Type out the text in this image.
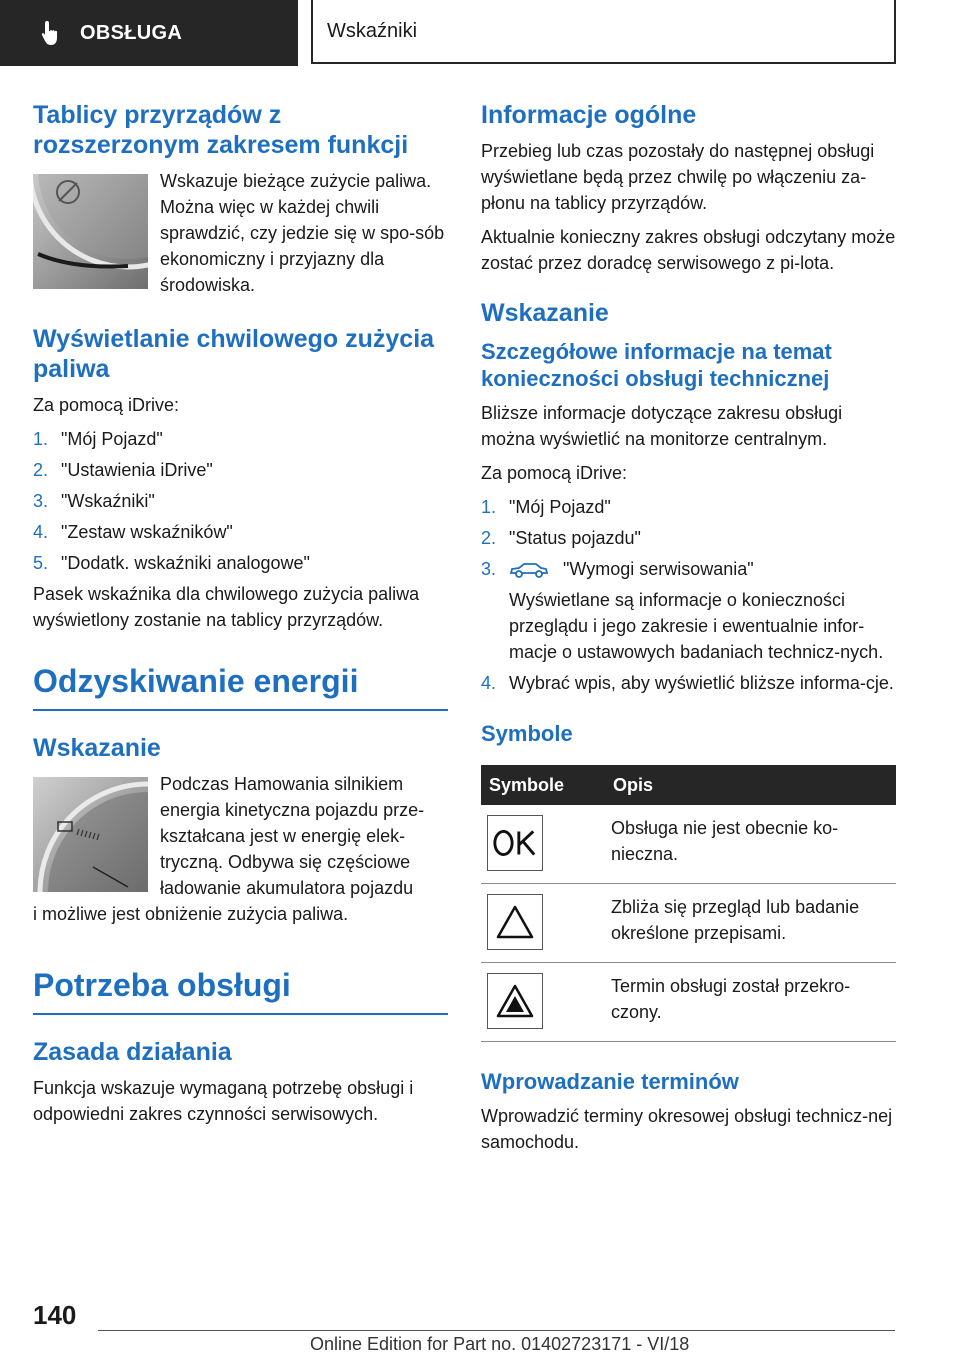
OBSŁUGA	Wskaźniki
Tablicy przyrządów z rozszerzonym zakresem funkcji

Wskazuje bieżące zużycie paliwa. Można więc w każdej chwili sprawdzić, czy jedzie się w spo-sób ekonomiczny i przyjazny dla środowiska.

Wyświetlanie chwilowego zużycia paliwa

Za pomocą iDrive:

1. "Mój Pojazd"
2. "Ustawienia iDrive"
3. "Wskaźniki"
4. "Zestaw wskaźników"
5. "Dodatk. wskaźniki analogowe"

Pasek wskaźnika dla chwilowego zużycia paliwa wyświetlony zostanie na tablicy przyrządów.

Odzyskiwanie energii
Wskazanie

Podczas Hamowania silnikiem energia kinetyczna pojazdu prze-kształcana jest w energię elek-tryczną. Odbywa się częściowe ładowanie akumulatora pojazdu

i możliwe jest obniżenie zużycia paliwa.

Potrzeba obsługi
Zasada działania

Funkcja wskazuje wymaganą potrzebę obsługi i odpowiedni zakres czynności serwisowych.

Informacje ogólne

Przebieg lub czas pozostały do następnej obsługi wyświetlane będą przez chwilę po włączeniu za-płonu na tablicy przyrządów.

Aktualnie konieczny zakres obsługi odczytany może zostać przez doradcę serwisowego z pi-lota.

Wskazanie
Szczegółowe informacje na temat konieczności obsługi technicznej

Bliższe informacje dotyczące zakresu obsługi można wyświetlić na monitorze centralnym.

Za pomocą iDrive:

1. "Mój Pojazd"
2. "Status pojazdu"
3.	"Wymogi serwisowania"
Wyświetlane są informacje o konieczności przeglądu i jego zakresie i ewentualnie infor-macje o ustawowych badaniach technicz-nych.
4. Wybrać wpis, aby wyświetlić bliższe informa-cje.
Symbole
Symbole	Opis

	Obsługa nie jest obecnie ko-nieczna.

	Zbliża się przegląd lub badanie określone przepisami.

	Termin obsługi został przekro-czony.
Wprowadzanie terminów

Wprowadzić terminy okresowej obsługi technicz-nej samochodu.

140
Online Edition for Part no. 01402723171 - VI/18
